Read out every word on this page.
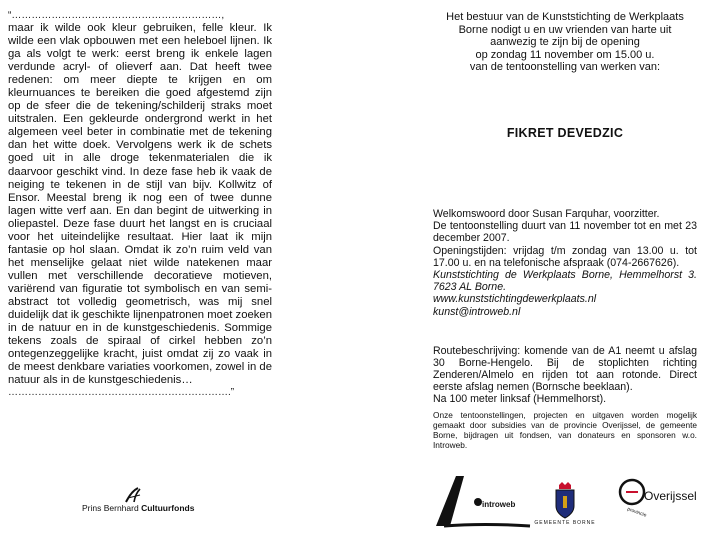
“………………………………………………………,

maar ik wilde ook kleur gebruiken, felle kleur. Ik wilde een vlak opbouwen met een heleboel lijnen. Ik ga als volgt te werk: eerst breng ik enkele lagen verdunde acryl- of olieverf aan. Dat heeft twee redenen: om meer diepte te krijgen en om kleurnuances te bereiken die goed afgestemd zijn op de sfeer die de tekening/schilderij straks moet uitstralen. Een gekleurde ondergrond werkt in het algemeen veel beter in combinatie met de tekening dan het witte doek. Vervolgens werk ik de schets goed uit in alle droge tekenmaterialen die ik daarvoor geschikt vind. In deze fase heb ik vaak de neiging te tekenen in de stijl van bijv. Kollwitz of Ensor. Meestal breng ik nog een of twee dunne lagen witte verf aan. En dan begint de uitwerking in oliepastel. Deze fase duurt het langst en is cruciaal voor het uiteindelijke resultaat. Hier laat ik mijn fantasie op hol slaan. Omdat ik zo’n ruim veld van het menselijke gelaat niet wilde natekenen maar vullen met verschillende decoratieve motieven, variërend van figuratie tot symbolisch en van semi-abstract tot volledig geometrisch, was mij snel duidelijk dat ik geschikte lijnenpatronen moet zoeken in de natuur en in de kunstgeschiedenis. Sommige tekens zoals de spiraal of cirkel hebben zo’n ontegenzeggelijke kracht, juist omdat zij zo vaak in de meest denkbare variaties voorkomen, zowel in de natuur als in de kunstgeschiedenis…

………………………………………………………….”
Prins Bernhard Cultuurfonds

Het bestuur van de Kunststichting de Werkplaats

Borne nodigt u en uw vrienden van harte uit

aanwezig te zijn bij de opening

op zondag 11 november om 15.00 u.

van de tentoonstelling van werken van:

FIKRET DEVEDZIC

Welkomswoord door Susan Farquhar, voorzitter.

De tentoonstelling duurt van 11 november tot en met 23 december 2007.

Openingstijden: vrijdag t/m zondag van 13.00 u. tot 17.00 u. en na telefonische afspraak (074-2667626).

Kunststichting de Werkplaats Borne, Hemmelhorst 3. 7623 AL Borne.

www.kunststichtingdewerkplaats.nl

kunst@introweb.nl

Routebeschrijving: komende van de A1 neemt u afslag 30 Borne-Hengelo. Bij de stoplichten richting Zenderen/Almelo en rijden tot aan rotonde. Direct eerste afslag nemen (Bornsche beeklaan).

Na 100 meter linksaf (Hemmelhorst).

Onze tentoonstellingen, projecten en uitgaven worden mogelijk gemaakt door subsidies van de provincie Overijssel, de gemeente Borne, bijdragen uit fondsen, van donateurs en sponsoren w.o. Introweb.

introweb
GEMEENTE BORNE
provincie
Overijssel
